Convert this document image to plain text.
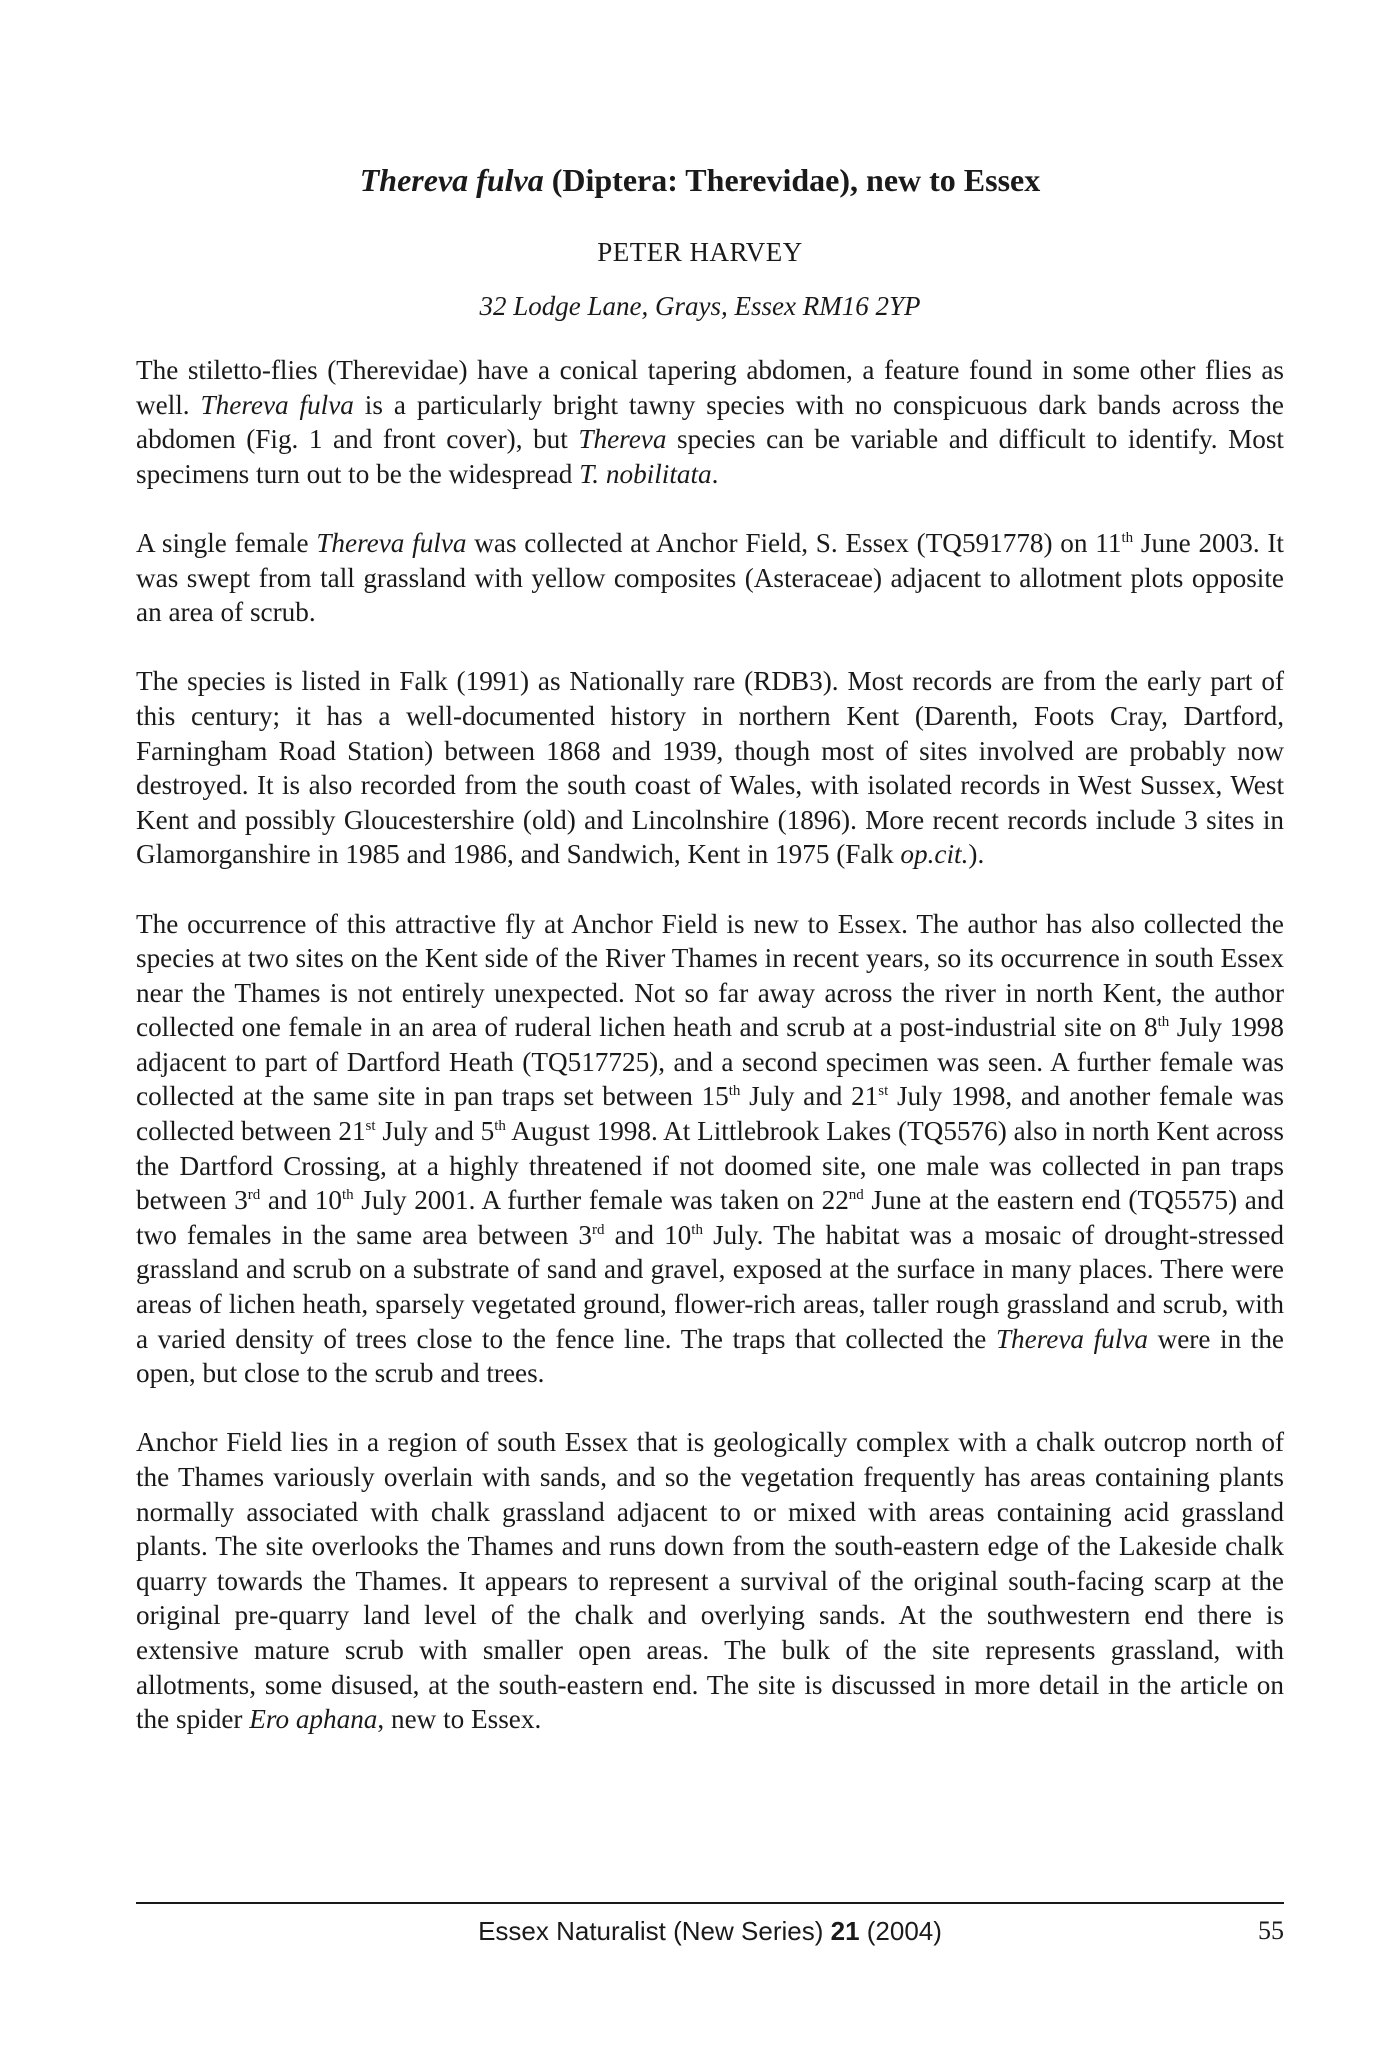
Thereva fulva (Diptera: Therevidae), new to Essex
PETER HARVEY
32 Lodge Lane, Grays, Essex RM16 2YP

The stiletto-flies (Therevidae) have a conical tapering abdomen, a feature found in some other flies as well. Thereva fulva is a particularly bright tawny species with no conspicuous dark bands across the abdomen (Fig. 1 and front cover), but Thereva species can be variable and difficult to identify. Most specimens turn out to be the widespread T. nobilitata.

A single female Thereva fulva was collected at Anchor Field, S. Essex (TQ591778) on 11th June 2003. It was swept from tall grassland with yellow composites (Asteraceae) adjacent to allotment plots opposite an area of scrub.

The species is listed in Falk (1991) as Nationally rare (RDB3). Most records are from the early part of this century; it has a well-documented history in northern Kent (Darenth, Foots Cray, Dartford, Farningham Road Station) between 1868 and 1939, though most of sites involved are probably now destroyed. It is also recorded from the south coast of Wales, with isolated records in West Sussex, West Kent and possibly Gloucestershire (old) and Lincolnshire (1896). More recent records include 3 sites in Glamorganshire in 1985 and 1986, and Sandwich, Kent in 1975 (Falk op.cit.).

The occurrence of this attractive fly at Anchor Field is new to Essex. The author has also collected the species at two sites on the Kent side of the River Thames in recent years, so its occurrence in south Essex near the Thames is not entirely unexpected. Not so far away across the river in north Kent, the author collected one female in an area of ruderal lichen heath and scrub at a post-industrial site on 8th July 1998 adjacent to part of Dartford Heath (TQ517725), and a second specimen was seen. A further female was collected at the same site in pan traps set between 15th July and 21st July 1998, and another female was collected between 21st July and 5th August 1998. At Littlebrook Lakes (TQ5576) also in north Kent across the Dartford Crossing, at a highly threatened if not doomed site, one male was collected in pan traps between 3rd and 10th July 2001. A further female was taken on 22nd June at the eastern end (TQ5575) and two females in the same area between 3rd and 10th July. The habitat was a mosaic of drought-stressed grassland and scrub on a substrate of sand and gravel, exposed at the surface in many places. There were areas of lichen heath, sparsely vegetated ground, flower-rich areas, taller rough grassland and scrub, with a varied density of trees close to the fence line. The traps that collected the Thereva fulva were in the open, but close to the scrub and trees.

Anchor Field lies in a region of south Essex that is geologically complex with a chalk outcrop north of the Thames variously overlain with sands, and so the vegetation frequently has areas containing plants normally associated with chalk grassland adjacent to or mixed with areas containing acid grassland plants. The site overlooks the Thames and runs down from the south-eastern edge of the Lakeside chalk quarry towards the Thames. It appears to represent a survival of the original south-facing scarp at the original pre-quarry land level of the chalk and overlying sands. At the southwestern end there is extensive mature scrub with smaller open areas. The bulk of the site represents grassland, with allotments, some disused, at the south-eastern end. The site is discussed in more detail in the article on the spider Ero aphana, new to Essex.

Essex Naturalist (New Series) 21 (2004)	55
